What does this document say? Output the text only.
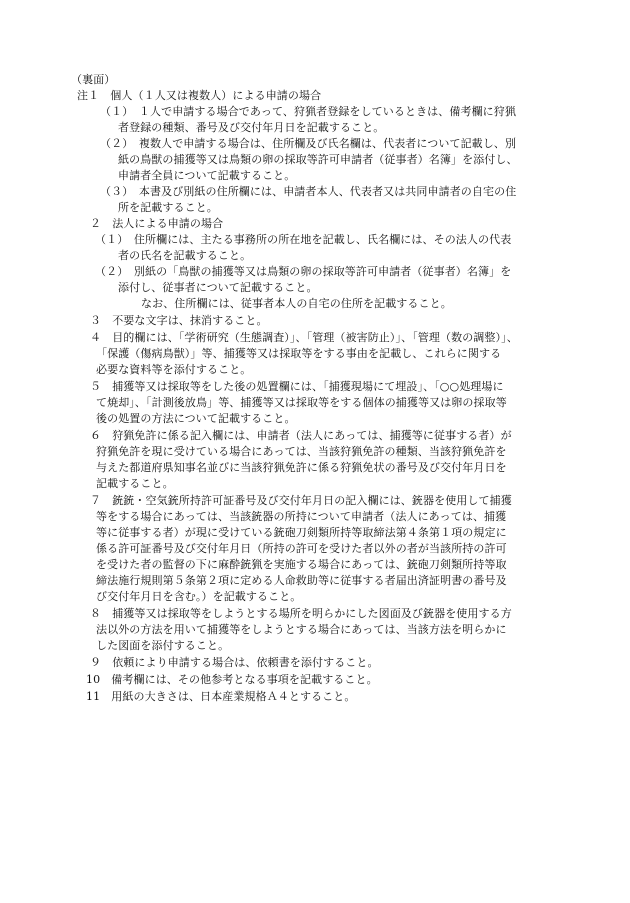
（裏面）
注１　個人（１人又は複数人）による申請の場合
（１）　１人で申請する場合であって、狩猟者登録をしているときは、備考欄に狩猟
者登録の種類、番号及び交付年月日を記載すること。
（２）　複数人で申請する場合は、住所欄及び氏名欄は、代表者について記載し、別
紙の鳥獣の捕獲等又は鳥類の卵の採取等許可申請者（従事者）名簿」を添付し、
申請者全員について記載すること。
（３）　本書及び別紙の住所欄には、申請者本人、代表者又は共同申請者の自宅の住
所を記載すること。
２　法人による申請の場合
（１）　住所欄には、主たる事務所の所在地を記載し、氏名欄には、その法人の代表
者の氏名を記載すること。
（２）　別紙の「鳥獣の捕獲等又は鳥類の卵の採取等許可申請者（従事者）名簿」を
添付し、従事者について記載すること。
なお、住所欄には、従事者本人の自宅の住所を記載すること。
３　不要な文字は、抹消すること。
４　目的欄には、「学術研究（生態調査）」、「管理（被害防止）」、「管理（数の調整）」、
「保護（傷病鳥獣）」等、捕獲等又は採取等をする事由を記載し、これらに関する
必要な資料等を添付すること。
５　捕獲等又は採取等をした後の処置欄には、「捕獲現場にて埋設」、「○○処理場に
て焼却」、「計測後放鳥」等、捕獲等又は採取等をする個体の捕獲等又は卵の採取等
後の処置の方法について記載すること。
６　狩猟免許に係る記入欄には、申請者（法人にあっては、捕獲等に従事する者）が
狩猟免許を現に受けている場合にあっては、当該狩猟免許の種類、当該狩猟免許を
与えた都道府県知事名並びに当該狩猟免許に係る狩猟免状の番号及び交付年月日を
記載すること。
７　銃銃・空気銃所持許可証番号及び交付年月日の記入欄には、銃器を使用して捕獲
等をする場合にあっては、当該銃器の所持について申請者（法人にあっては、捕獲
等に従事する者）が現に受けている銃砲刀剣類所持等取締法第４条第１項の規定に
係る許可証番号及び交付年月日（所持の許可を受けた者以外の者が当該所持の許可
を受けた者の監督の下に麻酔銃猟を実施する場合にあっては、銃砲刀剣類所持等取
締法施行規則第５条第２項に定める人命救助等に従事する者届出済証明書の番号及
び交付年月日を含む。）を記載すること。
８　捕獲等又は採取等をしようとする場所を明らかにした図面及び銃器を使用する方
法以外の方法を用いて捕獲等をしようとする場合にあっては、当該方法を明らかに
した図面を添付すること。
９　依頼により申請する場合は、依頼書を添付すること。
10　備考欄には、その他参考となる事項を記載すること。
11　用紙の大きさは、日本産業規格Ａ４とすること。
